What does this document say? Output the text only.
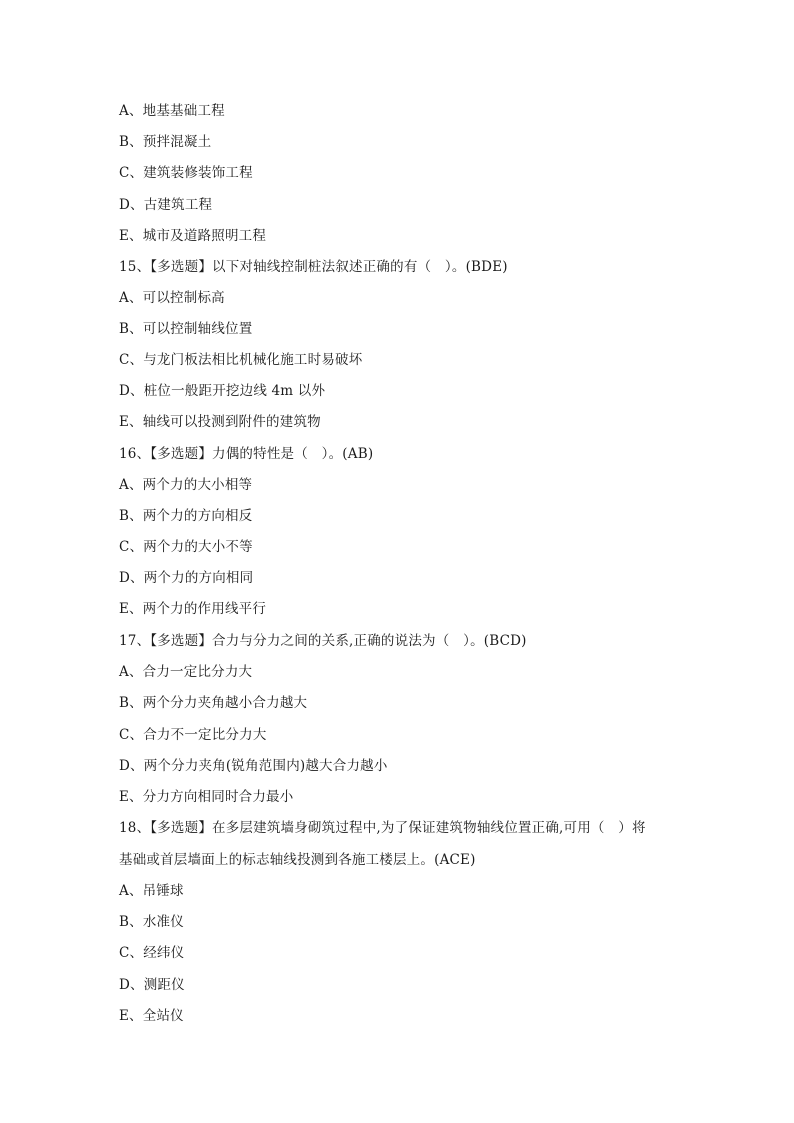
A、地基基础工程

B、预拌混凝土

C、建筑装修装饰工程

D、古建筑工程

E、城市及道路照明工程

15、【多选题】以下对轴线控制桩法叙述正确的有（　）。(BDE)

A、可以控制标高

B、可以控制轴线位置

C、与龙门板法相比机械化施工时易破坏

D、桩位一般距开挖边线 4m 以外

E、轴线可以投测到附件的建筑物

16、【多选题】力偶的特性是（　）。(AB)

A、两个力的大小相等

B、两个力的方向相反

C、两个力的大小不等

D、两个力的方向相同

E、两个力的作用线平行

17、【多选题】合力与分力之间的关系,正确的说法为（　）。(BCD)

A、合力一定比分力大

B、两个分力夹角越小合力越大

C、合力不一定比分力大

D、两个分力夹角(锐角范围内)越大合力越小

E、分力方向相同时合力最小

18、【多选题】在多层建筑墙身砌筑过程中,为了保证建筑物轴线位置正确,可用（　）将

基础或首层墙面上的标志轴线投测到各施工楼层上。(ACE)

A、吊锤球

B、水准仪

C、经纬仪

D、测距仪

E、全站仪
